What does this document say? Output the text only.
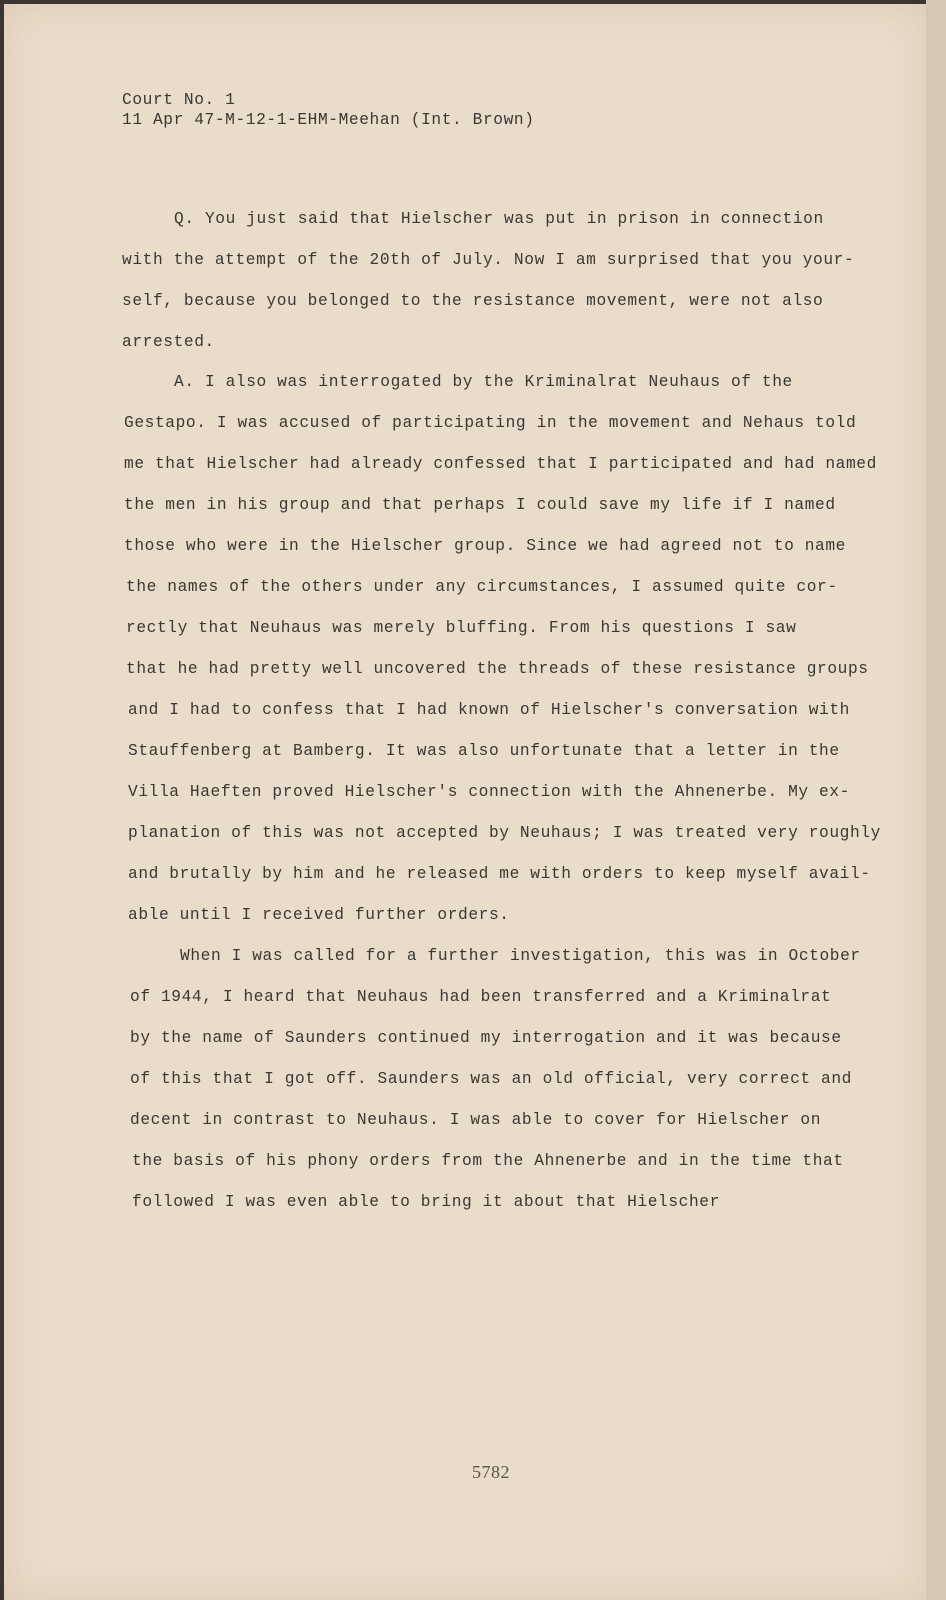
Court No. 1

11 Apr 47-M-12-1-EHM-Meehan (Int. Brown)

Q. You just said that Hielscher was put in prison in connection

with the attempt of the 20th of July. Now I am surprised that you your-

self, because you belonged to the resistance movement, were not also

arrested.

A. I also was interrogated by the Kriminalrat Neuhaus of the

Gestapo. I was accused of participating in the movement and Nehaus told

me that Hielscher had already confessed that I participated and had named

the men in his group and that perhaps I could save my life if I named

those who were in the Hielscher group. Since we had agreed not to name

the names of the others under any circumstances, I assumed quite cor-

rectly that Neuhaus was merely bluffing. From his questions I saw

that he had pretty well uncovered the threads of these resistance groups

and I had to confess that I had known of Hielscher's conversation with

Stauffenberg at Bamberg. It was also unfortunate that a letter in the

Villa Haeften proved Hielscher's connection with the Ahnenerbe. My ex-

planation of this was not accepted by Neuhaus; I was treated very roughly

and brutally by him and he released me with orders to keep myself avail-

able until I received further orders.

When I was called for a further investigation, this was in October

of 1944, I heard that Neuhaus had been transferred and a Kriminalrat

by the name of Saunders continued my interrogation and it was because

of this that I got off. Saunders was an old official, very correct and

decent in contrast to Neuhaus. I was able to cover for Hielscher on

the basis of his phony orders from the Ahnenerbe and in the time that

followed I was even able to bring it about that Hielscher

5782
